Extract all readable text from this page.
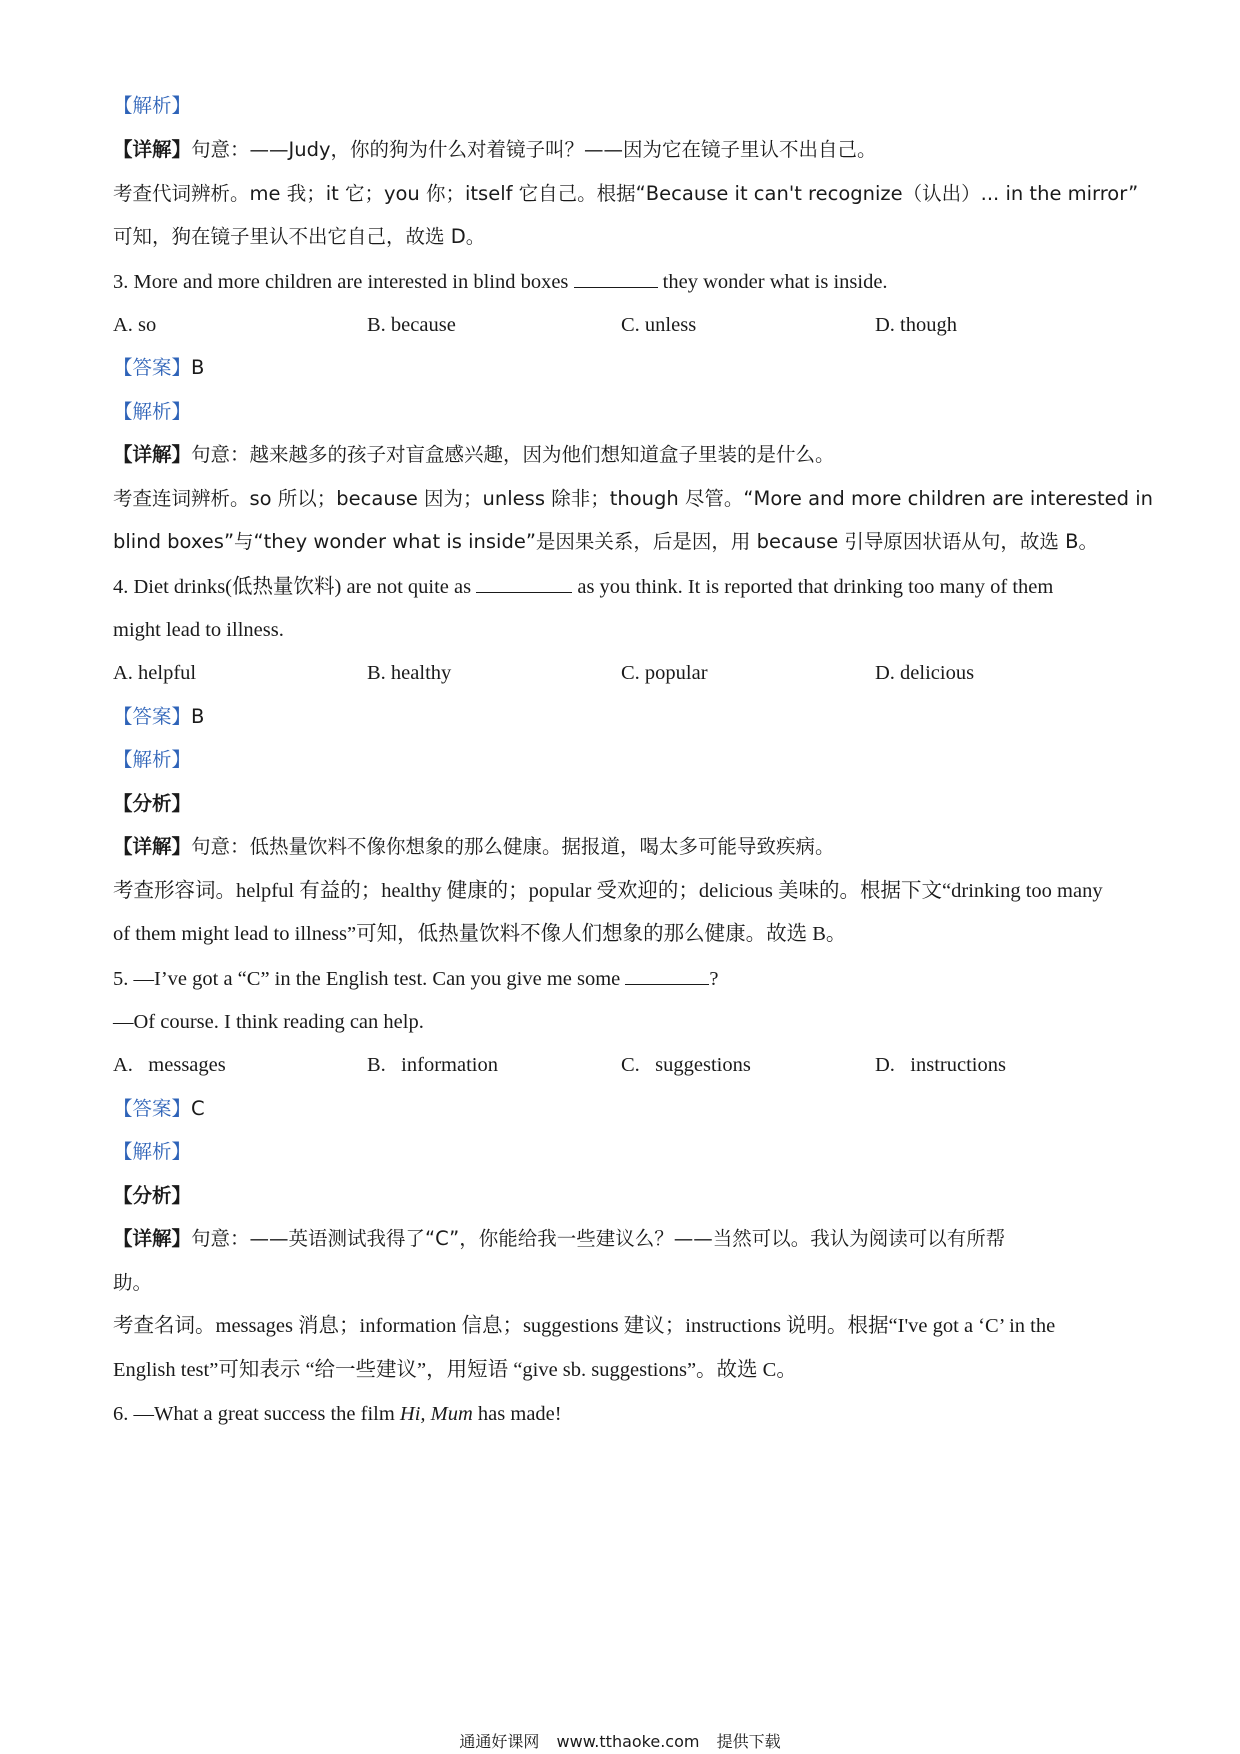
【解析】
【详解】句意：——Judy，你的狗为什么对着镜子叫？——因为它在镜子里认不出自己。
考查代词辨析。me 我；it 它；you 你；itself 它自己。根据“Because it can't recognize（认出）... in the mirror”
可知，狗在镜子里认不出它自己，故选 D。
3. More and more children are interested in blind boxes	they wonder what is inside.
A. so	B. because	C. unless	D. though
【答案】B
【解析】
【详解】句意：越来越多的孩子对盲盒感兴趣，因为他们想知道盒子里装的是什么。
考查连词辨析。so 所以；because 因为；unless 除非；though 尽管。“More and more children are interested in
blind boxes”与“they wonder what is inside”是因果关系，后是因，用 because 引导原因状语从句，故选 B。
4. Diet drinks(低热量饮料) are not quite as	as you think. It is reported that drinking too many of them
might lead to illness.
A. helpful	B. healthy	C. popular	D. delicious
【答案】B
【解析】
【分析】
【详解】句意：低热量饮料不像你想象的那么健康。据报道，喝太多可能导致疾病。
考查形容词。helpful 有益的；healthy 健康的；popular 受欢迎的；delicious 美味的。根据下文“drinking too many
of them might lead to illness”可知，低热量饮料不像人们想象的那么健康。故选 B。
5. —I’ve got a “C” in the English test. Can you give me some	?
—Of course. I think reading can help.
A.   messages	B.   information	C.   suggestions	D.   instructions
【答案】C
【解析】
【分析】
【详解】句意：——英语测试我得了“C”，你能给我一些建议么？——当然可以。我认为阅读可以有所帮
助。
考查名词。messages 消息；information 信息；suggestions 建议；instructions 说明。根据“I've got a ‘C’ in the
English test”可知表示 “给一些建议”，用短语 “give sb. suggestions”。故选 C。
6. —What a great success the film Hi, Mum has made!
通通好课网 www.tthaoke.com 提供下载
